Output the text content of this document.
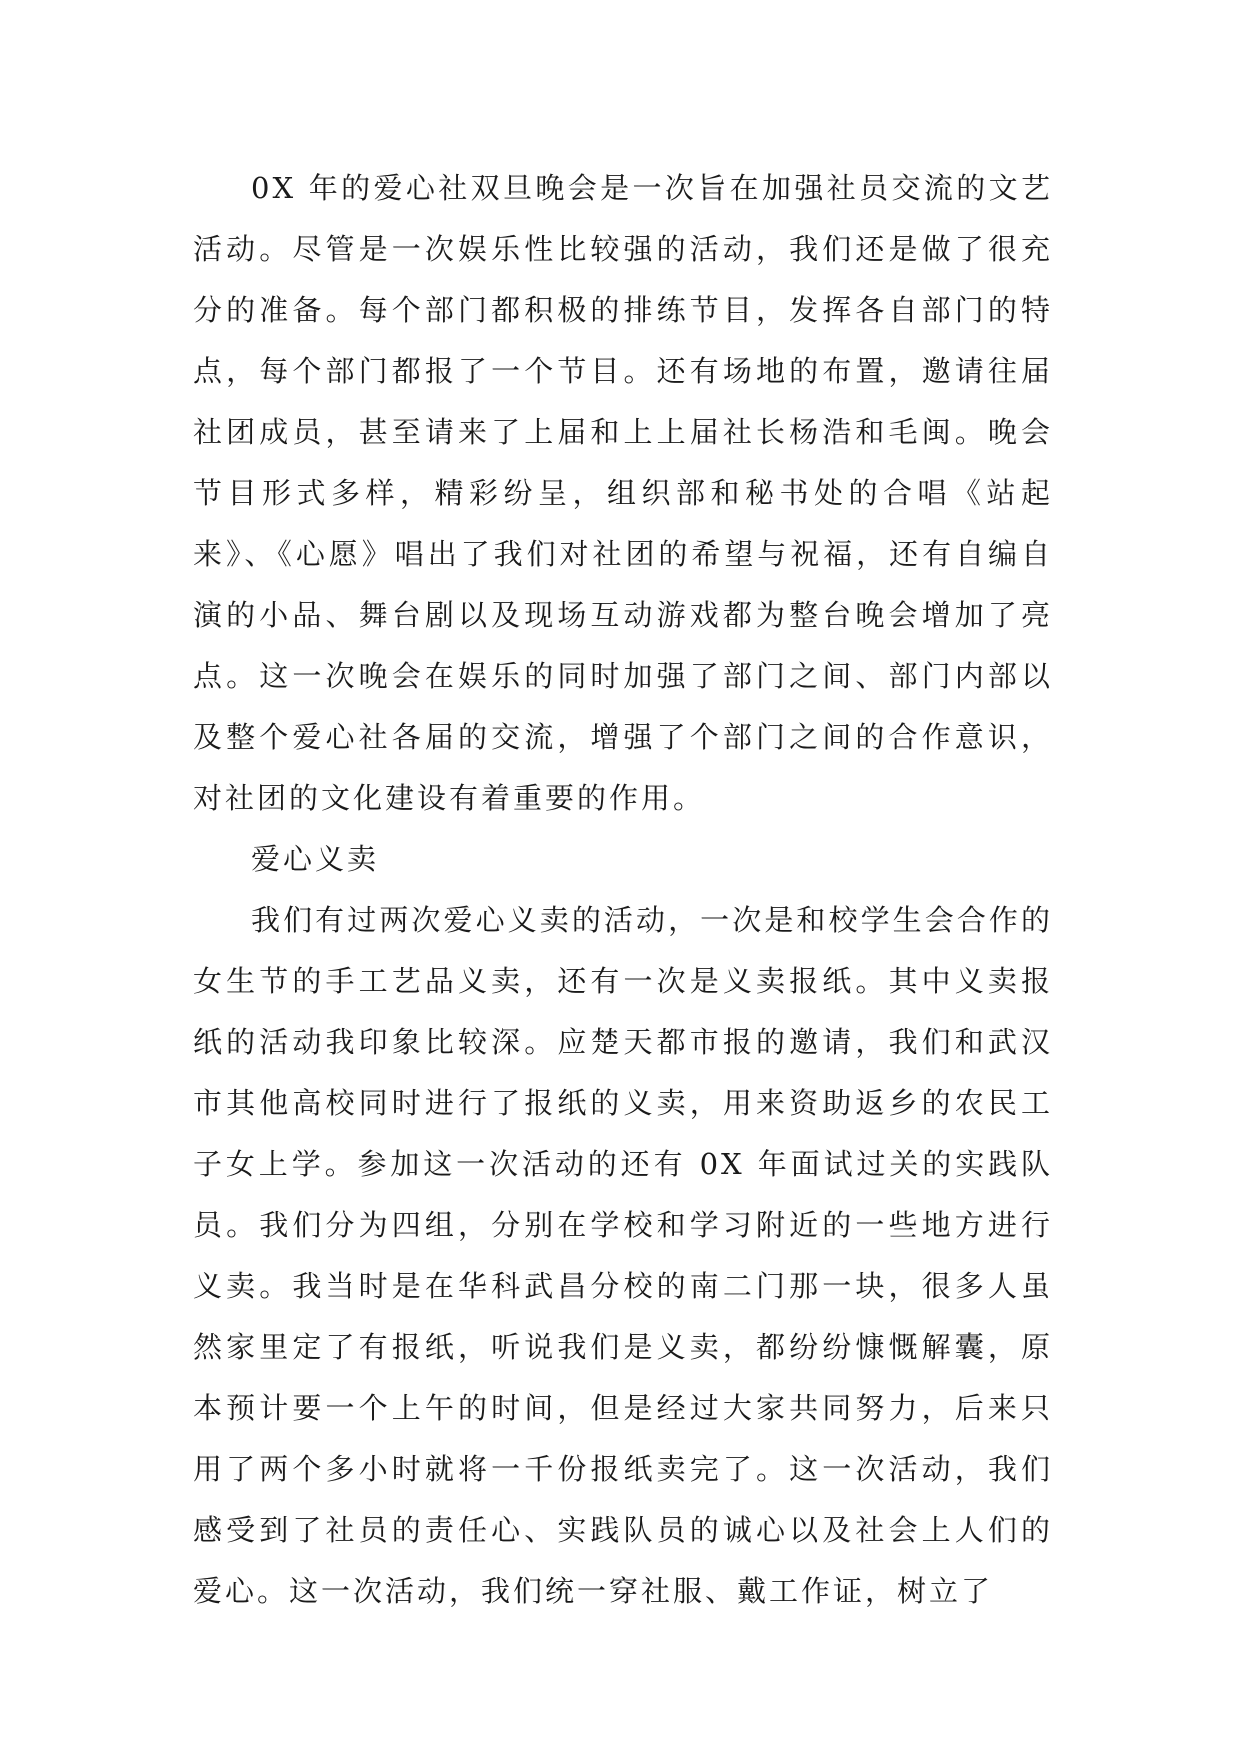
0X 年的爱心社双旦晚会是一次旨在加强社员交流的文艺活动。尽管是一次娱乐性比较强的活动，我们还是做了很充分的准备。每个部门都积极的排练节目，发挥各自部门的特点，每个部门都报了一个节目。还有场地的布置，邀请往届社团成员，甚至请来了上届和上上届社长杨浩和毛闽。晚会节目形式多样，精彩纷呈，组织部和秘书处的合唱《站起来》、《心愿》唱出了我们对社团的希望与祝福，还有自编自演的小品、舞台剧以及现场互动游戏都为整台晚会增加了亮点。这一次晚会在娱乐的同时加强了部门之间、部门内部以及整个爱心社各届的交流，增强了个部门之间的合作意识，对社团的文化建设有着重要的作用。

爱心义卖

我们有过两次爱心义卖的活动，一次是和校学生会合作的女生节的手工艺品义卖，还有一次是义卖报纸。其中义卖报纸的活动我印象比较深。应楚天都市报的邀请，我们和武汉市其他高校同时进行了报纸的义卖，用来资助返乡的农民工子女上学。参加这一次活动的还有 0X 年面试过关的实践队员。我们分为四组，分别在学校和学习附近的一些地方进行义卖。我当时是在华科武昌分校的南二门那一块，很多人虽然家里定了有报纸，听说我们是义卖，都纷纷慷慨解囊，原本预计要一个上午的时间，但是经过大家共同努力，后来只用了两个多小时就将一千份报纸卖完了。这一次活动，我们感受到了社员的责任心、实践队员的诚心以及社会上人们的爱心。这一次活动，我们统一穿社服、戴工作证，树立了
